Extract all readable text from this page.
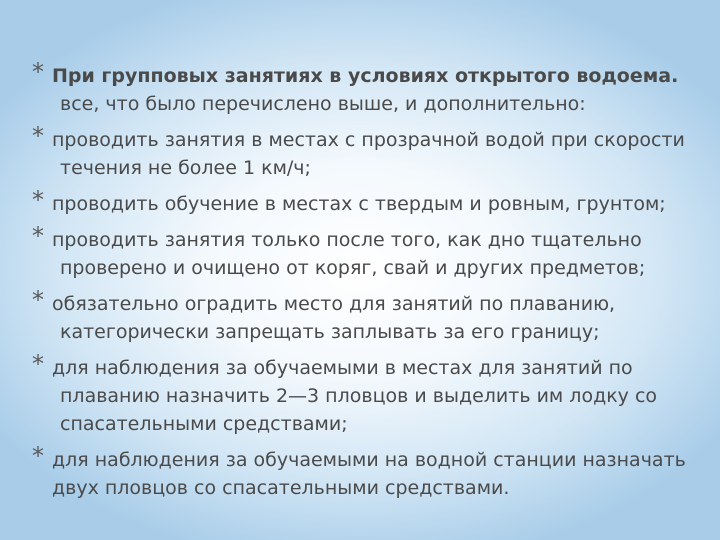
* При групповых занятиях в условиях открытого водоема.
все, что было перечислено выше, и дополнительно:
* проводить занятия в местах с прозрачной водой при скорости
течения не более 1 км/ч;
* проводить обучение в местах с твердым и ровным, грунтом;
* проводить занятия только после того, как дно тщательно
проверено и очищено от коряг, свай и других предметов;
* обязательно оградить место для занятий по плаванию,
категорически запрещать заплывать за его границу;
* для наблюдения за обучаемыми в местах для занятий по
плаванию назначить 2—3 пловцов и выделить им лодку со
спасательными средствами;
* для наблюдения за обучаемыми на водной станции назначать
двух пловцов со спасательными средствами.
